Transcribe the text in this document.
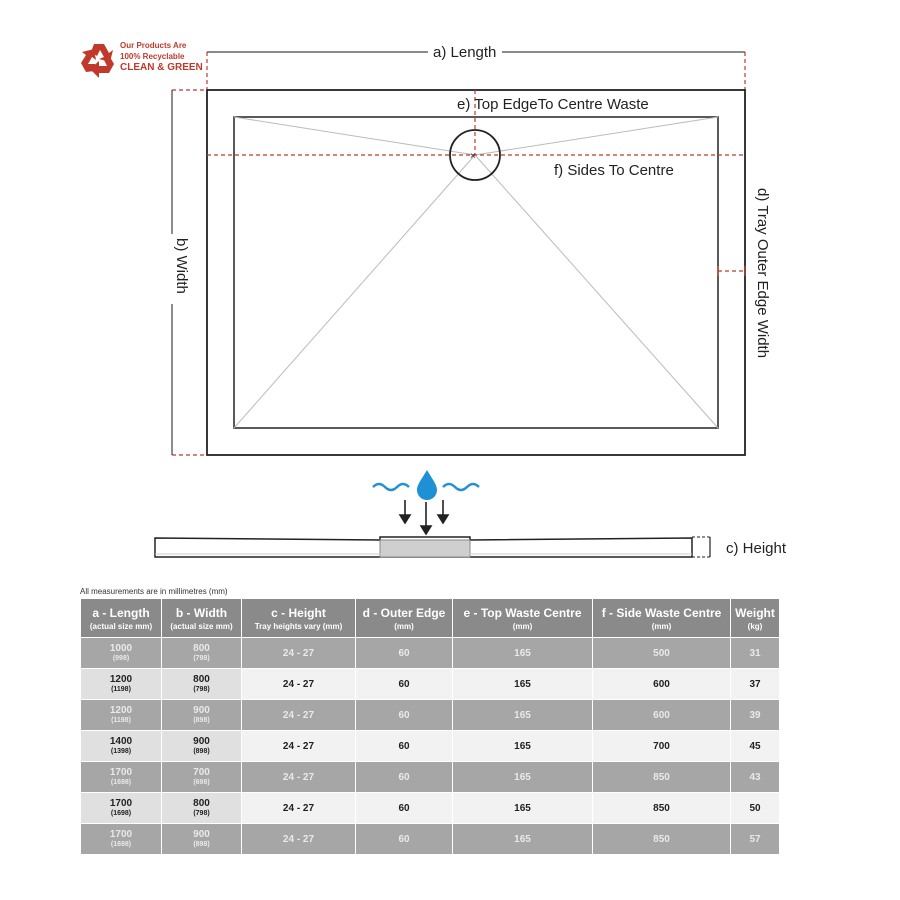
a) Length
b) Width
×
e) Top EdgeTo Centre Waste
f) Sides To Centre
d) Tray Outer Edge Width
c) Height
Our Products Are
100% Recyclable
CLEAN & GREEN
All measurements are in millimetres (mm)
a - Length
(actual size mm)	b - Width
(actual size mm)	c - Height
Tray heights vary (mm)	d - Outer Edge
(mm)	e - Top Waste Centre
(mm)	f - Side Waste Centre
(mm)	Weight
(kg)

1000
(998)	800
(798)	24 - 27	60	165	500	31
1200
(1198)	800
(798)	24 - 27	60	165	600	37
1200
(1198)	900
(898)	24 - 27	60	165	600	39
1400
(1398)	900
(898)	24 - 27	60	165	700	45
1700
(1698)	700
(698)	24 - 27	60	165	850	43
1700
(1698)	800
(798)	24 - 27	60	165	850	50
1700
(1698)	900
(898)	24 - 27	60	165	850	57
